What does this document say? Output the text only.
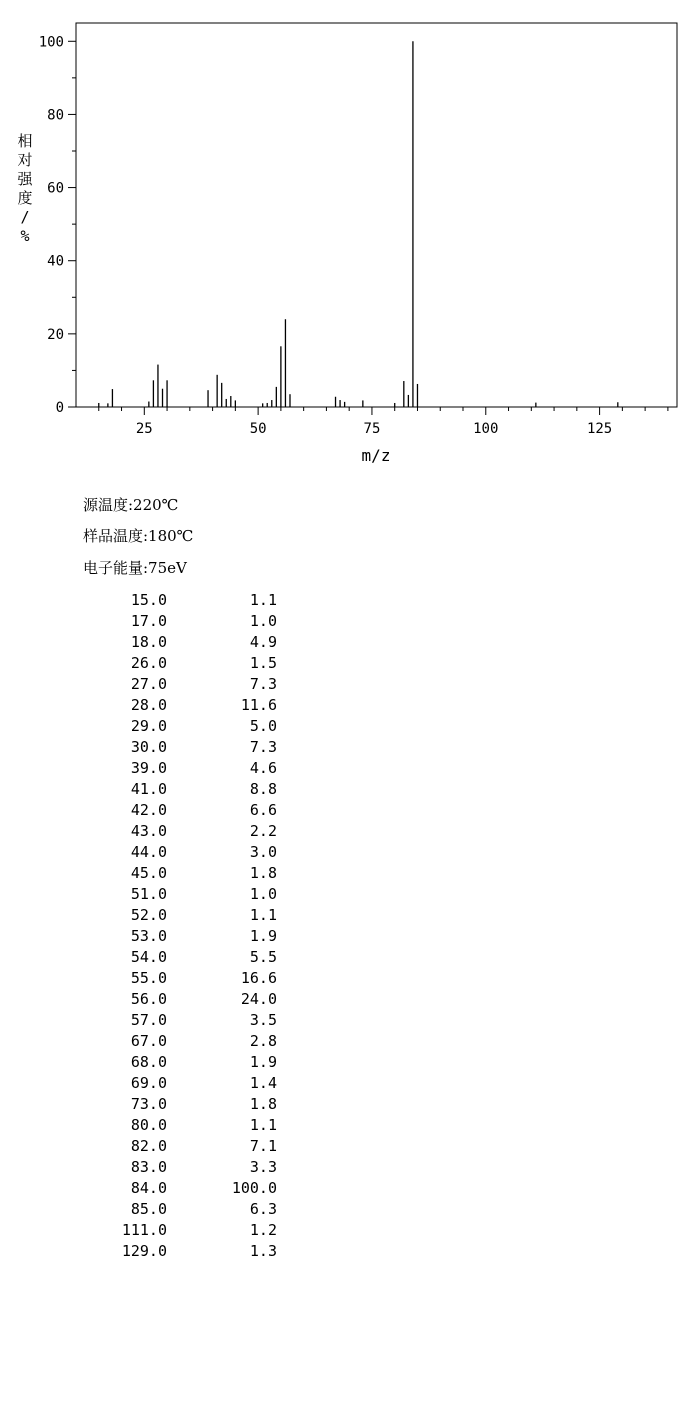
0
20
40
60
80
100
25	50	75	100	125
m/z
相
对
强
度
/
%
源温度:220℃
样品温度:180℃
电子能量:75eV
15.0	1.1
17.0	1.0
18.0	4.9
26.0	1.5
27.0	7.3
28.0	11.6
29.0	5.0
30.0	7.3
39.0	4.6
41.0	8.8
42.0	6.6
43.0	2.2
44.0	3.0
45.0	1.8
51.0	1.0
52.0	1.1
53.0	1.9
54.0	5.5
55.0	16.6
56.0	24.0
57.0	3.5
67.0	2.8
68.0	1.9
69.0	1.4
73.0	1.8
80.0	1.1
82.0	7.1
83.0	3.3
84.0	100.0
85.0	6.3
111.0	1.2
129.0	1.3
